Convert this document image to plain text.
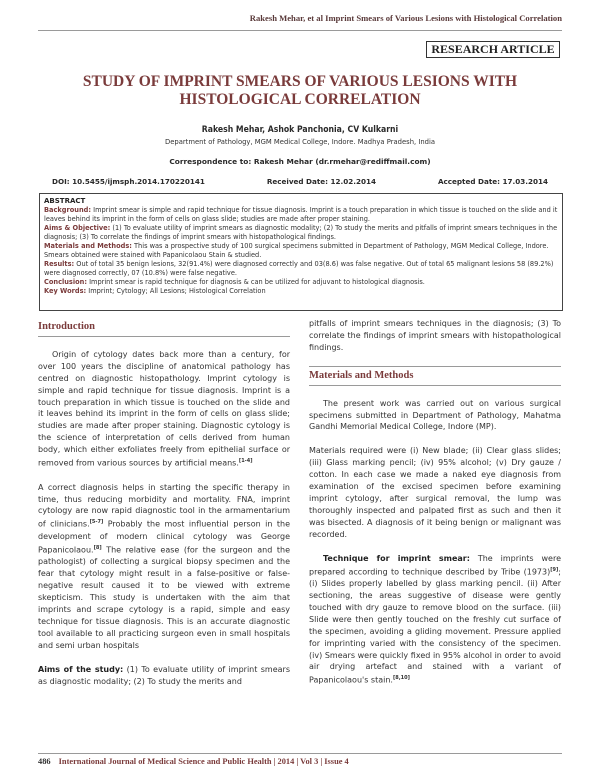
Rakesh Mehar, et al Imprint Smears of Various Lesions with Histological Correlation
RESEARCH ARTICLE
STUDY OF IMPRINT SMEARS OF VARIOUS LESIONS WITH
HISTOLOGICAL CORRELATION
Rakesh Mehar, Ashok Panchonia, CV Kulkarni
Department of Pathology, MGM Medical College, Indore. Madhya Pradesh, India
Correspondence to: Rakesh Mehar (dr.rmehar@rediffmail.com)
DOI: 10.5455/ijmsph.2014.170220141	Received Date: 12.02.2014	Accepted Date: 17.03.2014
ABSTRACT

Background: Imprint smear is simple and rapid technique for tissue diagnosis. Imprint is a touch preparation in which tissue is touched on the slide and it leaves behind its imprint in the form of cells on glass slide; studies are made after proper staining.

Aims & Objective: (1) To evaluate utility of imprint smears as diagnostic modality; (2) To study the merits and pitfalls of imprint smears techniques in the diagnosis; (3) To correlate the findings of imprint smears with histopathological findings.

Materials and Methods: This was a prospective study of 100 surgical specimens submitted in Department of Pathology, MGM Medical College, Indore. Smears obtained were stained with Papanicolaou Stain & studied.

Results: Out of total 35 benign lesions, 32(91.4%) were diagnosed correctly and 03(8.6) was false negative. Out of total 65 malignant lesions 58 (89.2%) were diagnosed correctly, 07 (10.8%) were false negative.

Conclusion: Imprint smear is rapid technique for diagnosis & can be utilized for adjuvant to histological diagnosis.

Key Words: Imprint; Cytology; All Lesions; Histological Correlation

Introduction

Origin of cytology dates back more than a century, for over 100 years the discipline of anatomical pathology has centred on diagnostic histopathology. Imprint cytology is simple and rapid technique for tissue diagnosis. Imprint is a touch preparation in which tissue is touched on the slide and it leaves behind its imprint in the form of cells on glass slide; studies are made after proper staining. Diagnostic cytology is the science of interpretation of cells derived from human body, which either exfoliates freely from epithelial surface or removed from various sources by artificial means.[1-4]

A correct diagnosis helps in starting the specific therapy in time, thus reducing morbidity and mortality. FNA, imprint cytology are now rapid diagnostic tool in the armamentarium of clinicians.[5-7] Probably the most influential person in the development of modern clinical cytology was George Papanicolaou.[8] The relative ease (for the surgeon and the pathologist) of collecting a surgical biopsy specimen and the fear that cytology might result in a false-positive or false-negative result caused it to be viewed with extreme skepticism. This study is undertaken with the aim that imprints and scrape cytology is a rapid, simple and easy technique for tissue diagnosis. This is an accurate diagnostic tool available to all practicing surgeon even in small hospitals and semi urban hospitals

Aims of the study: (1) To evaluate utility of imprint smears as diagnostic modality; (2) To study the merits and

pitfalls of imprint smears techniques in the diagnosis; (3) To correlate the findings of imprint smears with histopathological findings.

Materials and Methods

The present work was carried out on various surgical specimens submitted in Department of Pathology, Mahatma Gandhi Memorial Medical College, Indore (MP).

Materials required were (i) New blade; (ii) Clear glass slides; (iii) Glass marking pencil; (iv) 95% alcohol; (v) Dry gauze / cotton. In each case we made a naked eye diagnosis from examination of the excised specimen before examining imprint cytology, after surgical removal, the lump was thoroughly inspected and palpated first as such and then it was bisected. A diagnosis of it being benign or malignant was recorded.

Technique for imprint smear: The imprints were prepared according to technique described by Tribe (1973)[9]; (i) Slides properly labelled by glass marking pencil. (ii) After sectioning, the areas suggestive of disease were gently touched with dry gauze to remove blood on the surface. (iii) Slide were then gently touched on the freshly cut surface of the specimen, avoiding a gliding movement. Pressure applied for imprinting varied with the consistency of the specimen. (iv) Smears were quickly fixed in 95% alcohol in order to avoid air drying artefact and stained with a variant of Papanicolaou's stain.[8,10]

486 International Journal of Medical Science and Public Health | 2014 | Vol 3 | Issue 4
